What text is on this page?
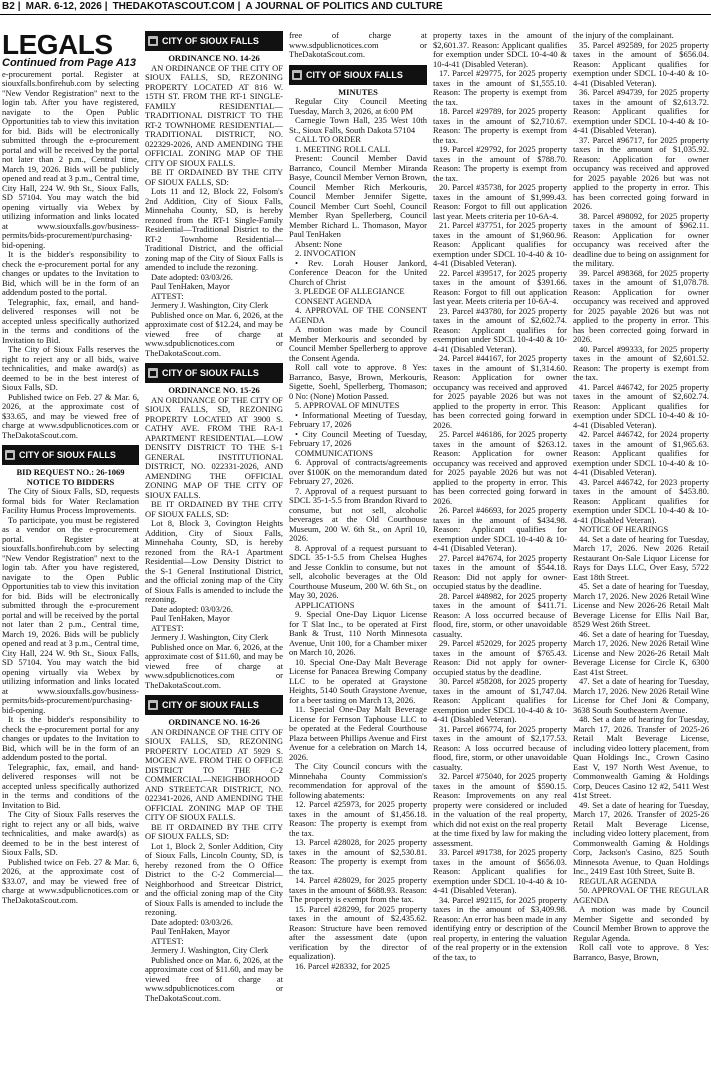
B2 | MAR. 6-12, 2026 | THEDAKOTASCOUT.COM | A JOURNAL OF POLITICS AND CULTURE
LEGALS
Continued from Page A13

e-procurement portal. Register at siouxfalls.bonfirehub.com by selecting "New Vendor Registration" next to the login tab. After you have registered, navigate to the Open Public Opportunities tab to view this invitation for bid. Bids will be electronically submitted through the e-procurement portal and will be received by the portal not later than 2 p.m., Central time, March 19, 2026. Bids will be publicly opened and read at 3 p.m., Central time, City Hall, 224 W. 9th St., Sioux Falls, SD 57104. You may watch the bid opening virtually via Webex by utilizing information and links located at www.siouxfalls.gov/business-permits/bids-procurement/purchasing-bid-opening.

It is the bidder's responsibility to check the e-procurement portal for any changes or updates to the Invitation to Bid, which will be in the form of an addendum posted to the portal.

Telegraphic, fax, email, and hand-delivered responses will not be accepted unless specifically authorized in the terms and conditions of the Invitation to Bid.

The City of Sioux Falls reserves the right to reject any or all bids, waive technicalities, and make award(s) as deemed to be in the best interest of Sioux Falls, SD.

Published twice on Feb. 27 & Mar. 6, 2026, at the approximate cost of $33.65, and may be viewed free of charge at www.sdpublicnotices.com or TheDakotaScout.com.

CITY OF SIOUX FALLS

BID REQUEST NO.: 26-1069

NOTICE TO BIDDERS

The City of Sioux Falls, SD, requests formal bids for Water Reclamation Facility Humus Process Improvements.

To participate, you must be registered as a vendor on the e-procurement portal. Register at siouxfalls.bonfirehub.com by selecting "New Vendor Registration" next to the login tab. After you have registered, navigate to the Open Public Opportunities tab to view this invitation for bid. Bids will be electronically submitted through the e-procurement portal and will be received by the portal not later than 2 p.m., Central time, March 19, 2026. Bids will be publicly opened and read at 3 p.m., Central time, City Hall, 224 W. 9th St., Sioux Falls, SD 57104. You may watch the bid opening virtually via Webex by utilizing information and links located at www.siouxfalls.gov/business-permits/bids-procurement/purchasing-bid-opening.

It is the bidder's responsibility to check the e-procurement portal for any changes or updates to the Invitation to Bid, which will be in the form of an addendum posted to the portal.

Telegraphic, fax, email, and hand-delivered responses will not be accepted unless specifically authorized in the terms and conditions of the Invitation to Bid.

The City of Sioux Falls reserves the right to reject any or all bids, waive technicalities, and make award(s) as deemed to be in the best interest of Sioux Falls, SD.

Published twice on Feb. 27 & Mar. 6, 2026, at the approximate cost of $33.07, and may be viewed free of charge at www.sdpublicnotices.com or TheDakotaScout.com.

CITY OF SIOUX FALLS

ORDINANCE NO. 14-26

AN ORDINANCE OF THE CITY OF SIOUX FALLS, SD, REZONING PROPERTY LOCATED AT 816 W. 15TH ST. FROM THE RT-1 SINGLE-FAMILY RESIDENTIAL—TRADITIONAL DISTRICT TO THE RT-2 TOWNHOME RESIDENTIAL—TRADITIONAL DISTRICT, NO. 022329-2026, AND AMENDING THE OFFICIAL ZONING MAP OF THE CITY OF SIOUX FALLS.

BE IT ORDAINED BY THE CITY OF SIOUX FALLS, SD:

Lots 11 and 12, Block 22, Folsom's 2nd Addition, City of Sioux Falls, Minnehaha County, SD, is hereby rezoned from the RT-1 Single-Family Residential—Traditional District to the RT-2 Townhome Residential—Traditional District, and the official zoning map of the City of Sioux Falls is amended to include the rezoning.

Date adopted: 03/03/26.

Paul TenHaken, Mayor

ATTEST:

Jermery J. Washington, City Clerk

Published once on Mar. 6, 2026, at the approximate cost of $12.24, and may be viewed free of charge at www.sdpublicnotices.com or TheDakotaScout.com.

CITY OF SIOUX FALLS

ORDINANCE NO. 15-26

AN ORDINANCE OF THE CITY OF SIOUX FALLS, SD, REZONING PROPERTY LOCATED AT 3900 S. CATHY AVE. FROM THE RA-1 APARTMENT RESIDENTIAL—LOW DENSITY DISTRICT TO THE S-1 GENERAL INSTITUTIONAL DISTRICT, NO. 022331-2026, AND AMENDING THE OFFICIAL ZONING MAP OF THE CITY OF SIOUX FALLS.

BE IT ORDAINED BY THE CITY OF SIOUX FALLS, SD:

Lot 8, Block 3, Covington Heights Addition, City of Sioux Falls, Minnehaha County, SD, is hereby rezoned from the RA-1 Apartment Residential—Low Density District to the S-1 General Institutional District, and the official zoning map of the City of Sioux Falls is amended to include the rezoning.

Date adopted: 03/03/26.

Paul TenHaken, Mayor

ATTEST:

Jermery J. Washington, City Clerk

Published once on Mar. 6, 2026, at the approximate cost of $11.60, and may be viewed free of charge at www.sdpublicnotices.com or TheDakotaScout.com.

CITY OF SIOUX FALLS

ORDINANCE NO. 16-26

AN ORDINANCE OF THE CITY OF SIOUX FALLS, SD, REZONING PROPERTY LOCATED AT 5929 S. MOGEN AVE. FROM THE O OFFICE DISTRICT TO THE C-2 COMMERCIAL—NEIGHBORHOOD AND STREETCAR DISTRICT, NO. 022341-2026, AND AMENDING THE OFFICIAL ZONING MAP OF THE CITY OF SIOUX FALLS.

BE IT ORDAINED BY THE CITY OF SIOUX FALLS, SD:

Lot 1, Block 2, Sonler Addition, City of Sioux Falls, Lincoln County, SD, is hereby rezoned from the O Office District to the C-2 Commercial—Neighborhood and Streetcar District, and the official zoning map of the City of Sioux Falls is amended to include the rezoning.

Date adopted: 03/03/26.

Paul TenHaken, Mayor

ATTEST:

Jermery J. Washington, City Clerk

Published once on Mar. 6, 2026, at the approximate cost of $11.60, and may be viewed free of charge at www.sdpublicnotices.com or TheDakotaScout.com.

free of charge at www.sdpublicnotices.com or TheDakotaScout.com.

CITY OF SIOUX FALLS

MINUTES

Regular City Council Meeting Tuesday, March 3, 2026, at 6:00 PM

Carnegie Town Hall, 235 West 10th St., Sioux Falls, South Dakota 57104

CALL TO ORDER

1. MEETING ROLL CALL

Present: Council Member David Barranco, Council Member Miranda Basye, Council Member Vernon Brown, Council Member Rich Merkouris, Council Member Jennifer Sigette, Council Member Curt Soehl, Council Member Ryan Spellerberg, Council Member Richard L. Thomason, Mayor Paul TenHaken

Absent: None

2. INVOCATION

• Rev. Lorah Houser Jankord, Conference Deacon for the United Church of Christ

3. PLEDGE OF ALLEGIANCE

CONSENT AGENDA

4. APPROVAL OF THE CONSENT AGENDA

A motion was made by Council Member Merkouris and seconded by Council Member Spellerberg to approve the Consent Agenda.

Roll call vote to approve. 8 Yes: Barranco, Basye, Brown, Merkouris, Sigette, Soehl, Spellerberg, Thomason; 0 No: (None) Motion Passed.

5. APPROVAL OF MINUTES

• Informational Meeting of Tuesday, February 17, 2026

• City Council Meeting of Tuesday, February 17, 2026

COMMUNICATIONS

6. Approval of contracts/agreements over $100K on the memorandum dated February 27, 2026.

7. Approval of a request pursuant to SDCL 35-1-5.5 from Brandon Rivard to consume, but not sell, alcoholic beverages at the Old Courthouse Museum, 200 W. 6th St., on April 10, 2026.

8. Approval of a request pursuant to SDCL 35-1-5.5 from Chelsea Hughes and Jesse Conklin to consume, but not sell, alcoholic beverages at the Old Courthouse Museum, 200 W. 6th St., on May 30, 2026.

APPLICATIONS

9. Special One-Day Liquor License for T Slat Inc., to be operated at First Bank & Trust, 110 North Minnesota Avenue, Unit 100, for a Chamber mixer on March 10, 2026.

10. Special One-Day Malt Beverage License for Panacea Brewing Company LLC to be operated at Graystone Heights, 5140 South Graystone Avenue, for a beer tasting on March 13, 2026.

11. Special One-Day Malt Beverage License for Fernson Taphouse LLC to be operated at the Federal Courthouse Plaza between Phillips Avenue and First Avenue for a celebration on March 14, 2026.

The City Council concurs with the Minnehaha County Commission's recommendation for approval of the following abatements:

12. Parcel #25973, for 2025 property taxes in the amount of $1,456.18. Reason: The property is exempt from the tax.

13. Parcel #28028, for 2025 property taxes in the amount of $2,530.81. Reason: The property is exempt from the tax.

14. Parcel #28029, for 2025 property taxes in the amount of $688.93. Reason: The property is exempt from the tax.

15. Parcel #28299, for 2025 property taxes in the amount of $2,435.62. Reason: Structure have been removed after the assessment date (upon verification by the director of equalization).

16. Parcel #28332, for 2025

property taxes in the amount of $2,601.37. Reason: Applicant qualifies for exemption under SDCL 10-4-40 & 10-4-41 (Disabled Veteran).

17. Parcel #29775, for 2025 property taxes in the amount of $1,555.10. Reason: The property is exempt from the tax.

18. Parcel #29789, for 2025 property taxes in the amount of $2,710.67. Reason: The property is exempt from the tax.

19. Parcel #29792, for 2025 property taxes in the amount of $788.70. Reason: The property is exempt from the tax.

20. Parcel #35738, for 2025 property taxes in the amount of $1,999.43. Reason: Forgot to fill out application last year. Meets criteria per 10-6A-4.

21. Parcel #37751, for 2025 property taxes in the amount of $1,960.96. Reason: Applicant qualifies for exemption under SDCL 10-4-40 & 10-4-41 (Disabled Veteran).

22. Parcel #39517, for 2025 property taxes in the amount of $391.66. Reason: Forgot to fill out application last year. Meets criteria per 10-6A-4.

23. Parcel #43780, for 2025 property taxes in the amount of $2,602.74. Reason: Applicant qualifies for exemption under SDCL 10-4-40 & 10-4-41 (Disabled Veteran).

24. Parcel #44167, for 2025 property taxes in the amount of $1,314.60. Reason: Application for owner occupancy was received and approved for 2025 payable 2026 but was not applied to the property in error. This has been corrected going forward in 2026.

25. Parcel #46186, for 2025 property taxes in the amount of $263.12. Reason: Application for owner occupancy was received and approved for 2025 payable 2026 but was not applied to the property in error. This has been corrected going forward in 2026.

26. Parcel #46693, for 2025 property taxes in the amount of $434.98. Reason: Applicant qualifies for exemption under SDCL 10-4-40 & 10-4-41 (Disabled Veteran).

27. Parcel #47674, for 2025 property taxes in the amount of $544.18. Reason: Did not apply for owner-occupied status by the deadline.

28. Parcel #48982, for 2025 property taxes in the amount of $411.71. Reason: A loss occurred because of flood, fire, storm, or other unavoidable casualty.

29. Parcel #52029, for 2025 property taxes in the amount of $765.43. Reason: Did not apply for owner-occupied status by the deadline.

30. Parcel #58208, for 2025 property taxes in the amount of $1,747.04. Reason: Applicant qualifies for exemption under SDCL 10-4-40 & 10-4-41 (Disabled Veteran).

31. Parcel #66774, for 2025 property taxes in the amount of $2,177.53. Reason: A loss occurred because of flood, fire, storm, or other unavoidable casualty.

32. Parcel #75040, for 2025 property taxes in the amount of $590.15. Reason: Improvements on any real property were considered or included in the valuation of the real property, which did not exist on the real property at the time fixed by law for making the assessment.

33. Parcel #91738, for 2025 property taxes in the amount of $656.03. Reason: Applicant qualifies for exemption under SDCL 10-4-40 & 10-4-41 (Disabled Veteran).

34. Parcel #92115, for 2025 property taxes in the amount of $3,409.98. Reason: An error has been made in any identifying entry or description of the real property, in entering the valuation of the real property or in the extension of the tax, to

the injury of the complainant.

35. Parcel #92589, for 2025 property taxes in the amount of $656.04. Reason: Applicant qualifies for exemption under SDCL 10-4-40 & 10-4-41 (Disabled Veteran).

36. Parcel #94739, for 2025 property taxes in the amount of $2,613.72. Reason: Applicant qualifies for exemption under SDCL 10-4-40 & 10-4-41 (Disabled Veteran).

37. Parcel #96717, for 2025 property taxes in the amount of $1,035.92. Reason: Application for owner occupancy was received and approved for 2025 payable 2026 but was not applied to the property in error. This has been corrected going forward in 2026.

38. Parcel #98092, for 2025 property taxes in the amount of $962.11. Reason: Application for owner occupancy was received after the deadline due to being on assignment for the military.

39. Parcel #98368, for 2025 property taxes in the amount of $1,078.78. Reason: Application for owner occupancy was received and approved for 2025 payable 2026 but was not applied to the property in error. This has been corrected going forward in 2026.

40. Parcel #99333, for 2025 property taxes in the amount of $2,601.52. Reason: The property is exempt from the tax.

41. Parcel #46742, for 2025 property taxes in the amount of $2,602.74. Reason: Applicant qualifies for exemption under SDCL 10-4-40 & 10-4-41 (Disabled Veteran).

42. Parcel #46742, for 2024 property taxes in the amount of $1,965.63. Reason: Applicant qualifies for exemption under SDCL 10-4-40 & 10-4-41 (Disabled Veteran).

43. Parcel #46742, for 2023 property taxes in the amount of $453.80. Reason: Applicant qualifies for exemption under SDCL 10-4-40 & 10-4-41 (Disabled Veteran).

NOTICE OF HEARINGS

44. Set a date of hearing for Tuesday, March 17, 2026. New 2026 Retail Restaurant On-Sale Liquor License for Rays for Days LLC, Over Easy, 5722 East 18th Street.

45. Set a date of hearing for Tuesday, March 17, 2026. New 2026 Retail Wine License and New 2026-26 Retail Malt Beverage License for Ellis Nail Bar, 8529 West 26th Street.

46. Set a date of hearing for Tuesday, March 17, 2026. New 2026 Retail Wine License and New 2026-26 Retail Malt Beverage License for Circle K, 6300 East 41st Street.

47. Set a date of hearing for Tuesday, March 17, 2026. New 2026 Retail Wine License for Chef Joni & Company, 3638 South Southeastern Avenue.

48. Set a date of hearing for Tuesday, March 17, 2026. Transfer of 2025-26 Retail Malt Beverage License, including video lottery placement, from Quan Holdings Inc., Crown Casino East V, 197 North West Avenue, to Commonwealth Gaming & Holdings Corp, Deuces Casino 12 #2, 5411 West 41st Street.

49. Set a date of hearing for Tuesday, March 17, 2026. Transfer of 2025-26 Retail Malt Beverage License, including video lottery placement, from Commonwealth Gaming & Holdings Corp, Jackson's Casino, 825 South Minnesota Avenue, to Quan Holdings Inc., 2419 East 10th Street, Suite B.

REGULAR AGENDA

50. APPROVAL OF THE REGULAR AGENDA

A motion was made by Council Member Sigette and seconded by Council Member Brown to approve the Regular Agenda.

Roll call vote to approve. 8 Yes: Barranco, Basye, Brown,
